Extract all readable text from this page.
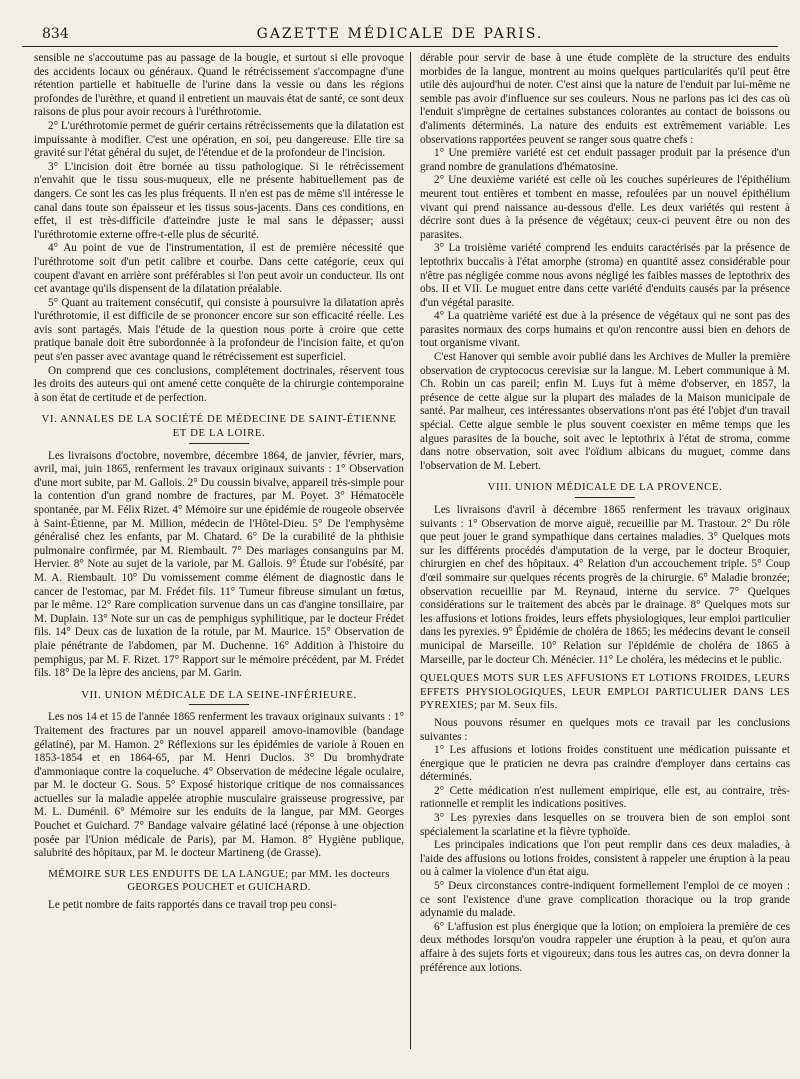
834	GAZETTE MÉDICALE DE PARIS.

sensible ne s'accoutume pas au passage de la bougie, et surtout si elle provoque des accidents locaux ou généraux. Quand le rétrécissement s'accompagne d'une rétention partielle et habituelle de l'urine dans la vessie ou dans les régions profondes de l'urèthre, et quand il entretient un mauvais état de santé, ce sont deux raisons de plus pour avoir recours à l'uréthrotomie.

2° L'uréthrotomie permet de guérir certains rétrécissements que la dilatation est impuissante à modifier. C'est une opération, en soi, peu dangereuse. Elle tire sa gravité sur l'état général du sujet, de l'étendue et de la profondeur de l'incision.

3° L'incision doit être bornée au tissu pathologique. Si le rétrécissement n'envahit que le tissu sous-muqueux, elle ne présente habituellement pas de dangers. Ce sont les cas les plus fréquents. Il n'en est pas de même s'il intéresse le canal dans toute son épaisseur et les tissus sous-jacents. Dans ces conditions, en effet, il est très-difficile d'atteindre juste le mal sans le dépasser; aussi l'uréthrotomie externe offre-t-elle plus de sécurité.

4° Au point de vue de l'instrumentation, il est de première nécessité que l'uréthrotome soit d'un petit calibre et courbe. Dans cette catégorie, ceux qui coupent d'avant en arrière sont préférables si l'on peut avoir un conducteur. Ils ont cet avantage qu'ils dispensent de la dilatation préalable.

5° Quant au traitement consécutif, qui consiste à poursuivre la dilatation après l'uréthrotomie, il est difficile de se prononcer encore sur son efficacité réelle. Les avis sont partagés. Mais l'étude de la question nous porte à croire que cette pratique banale doit être subordonnée à la profondeur de l'incision faite, et qu'on peut s'en passer avec avantage quand le rétrécissement est superficiel.

On comprend que ces conclusions, complétement doctrinales, réservent tous les droits des auteurs qui ont amené cette conquête de la chirurgie contemporaine à son état de certitude et de perfection.

VI. ANNALES DE LA SOCIÉTÉ DE MÉDECINE DE SAINT-ÉTIENNE ET DE LA LOIRE.

Les livraisons d'octobre, novembre, décembre 1864, de janvier, février, mars, avril, mai, juin 1865, renferment les travaux originaux suivants : 1° Observation d'une mort subite, par M. Gallois. 2° Du coussin bivalve, appareil très-simple pour la contention d'un grand nombre de fractures, par M. Poyet. 3° Hématocèle spontanée, par M. Félix Rizet. 4° Mémoire sur une épidémie de rougeole observée à Saint-Étienne, par M. Million, médecin de l'Hôtel-Dieu. 5° De l'emphysème généralisé chez les enfants, par M. Chatard. 6° De la curabilité de la phthisie pulmonaire confirmée, par M. Riembault. 7° Des mariages consanguins par M. Hervier. 8° Note au sujet de la variole, par M. Gallois. 9° Étude sur l'obésité, par M. A. Riembault. 10° Du vomissement comme élément de diagnostic dans le cancer de l'estomac, par M. Frédet fils. 11° Tumeur fibreuse simulant un fœtus, par le même. 12° Rare complication survenue dans un cas d'angine tonsillaire, par M. Duplain. 13° Note sur un cas de pemphigus syphilitique, par le docteur Frédet fils. 14° Deux cas de luxation de la rotule, par M. Maurice. 15° Observation de plaie pénétrante de l'abdomen, par M. Duchenne. 16° Addition à l'histoire du pemphigus, par M. F. Rizet. 17° Rapport sur le mémoire précédent, par M. Frédet fils. 18° De la lèpre des anciens, par M. Garin.

VII. UNION MÉDICALE DE LA SEINE-INFÉRIEURE.

Les nos 14 et 15 de l'année 1865 renferment les travaux originaux suivants : 1° Traitement des fractures par un nouvel appareil amovo-inamovible (bandage gélatiné), par M. Hamon. 2° Réflexions sur les épidémies de variole à Rouen en 1853-1854 et en 1864-65, par M. Henri Duclos. 3° Du bromhydrate d'ammoniaque contre la coqueluche. 4° Observation de médecine légale oculaire, par M. le docteur G. Sous. 5° Exposé historique critique de nos connaissances actuelles sur la maladie appelée atrophie musculaire graisseuse progressive, par M. L. Duménil. 6° Mémoire sur les enduits de la langue, par MM. Georges Pouchet et Guichard. 7° Bandage valvaire gélatiné lacé (réponse à une objection posée par l'Union médicale de Paris), par M. Hamon. 8° Hygiène publique, salubrité des hôpitaux, par M. le docteur Martineng (de Grasse).

MÉMOIRE SUR LES ENDUITS DE LA LANGUE; par MM. les docteurs
GEORGES POUCHET et GUICHARD.

Le petit nombre de faits rapportés dans ce travail trop peu consi-

dérable pour servir de base à une étude complète de la structure des enduits morbides de la langue, montrent au moins quelques particularités qu'il peut être utile dès aujourd'hui de noter. C'est ainsi que la nature de l'enduit par lui-même ne semble pas avoir d'influence sur ses couleurs. Nous ne parlons pas ici des cas où l'enduit s'imprègne de certaines substances colorantes au contact de boissons ou d'aliments déterminés. La nature des enduits est extrêmement variable. Les observations rapportées peuvent se ranger sous quatre chefs :

1° Une première variété est cet enduit passager produit par la présence d'un grand nombre de granulations d'hématosine.

2° Une deuxième variété est celle où les couches supérieures de l'épithélium meurent tout entières et tombent en masse, refoulées par un nouvel épithélium vivant qui prend naissance au-dessous d'elle. Les deux variétés qui restent à décrire sont dues à la présence de végétaux; ceux-ci peuvent être ou non des parasites.

3° La troisième variété comprend les enduits caractérisés par la présence de leptothrix buccalis à l'état amorphe (stroma) en quantité assez considérable pour n'être pas négligée comme nous avons négligé les faibles masses de leptothrix des obs. II et VII. Le muguet entre dans cette variété d'enduits causés par la présence d'un végétal parasite.

4° La quatrième variété est due à la présence de végétaux qui ne sont pas des parasites normaux des corps humains et qu'on rencontre aussi bien en dehors de tout organisme vivant.

C'est Hanover qui semble avoir publié dans les Archives de Muller la première observation de cryptococus cerevisiæ sur la langue. M. Lebert communique à M. Ch. Robin un cas pareil; enfin M. Luys fut à même d'observer, en 1857, la présence de cette algue sur la plupart des malades de la Maison municipale de santé. Par malheur, ces intéressantes observations n'ont pas été l'objet d'un travail spécial. Cette algue semble le plus souvent coexister en même temps que les algues parasites de la bouche, soit avec le leptothrix à l'état de stroma, comme dans notre observation, soit avec l'oïdium albicans du muguet, comme dans l'observation de M. Lebert.

VIII. UNION MÉDICALE DE LA PROVENCE.

Les livraisons d'avril à décembre 1865 renferment les travaux originaux suivants : 1° Observation de morve aiguë, recueillie par M. Trastour. 2° Du rôle que peut jouer le grand sympathique dans certaines maladies. 3° Quelques mots sur les différents procédés d'amputation de la verge, par le docteur Broquier, chirurgien en chef des hôpitaux. 4° Relation d'un accouchement triple. 5° Coup d'œil sommaire sur quelques récents progrès de la chirurgie. 6° Maladie bronzée; observation recueillie par M. Reynaud, interne du service. 7° Quelques considérations sur le traitement des abcès par le drainage. 8° Quelques mots sur les affusions et lotions froides, leurs effets physiologiques, leur emploi particulier dans les pyrexies. 9° Épidémie de choléra de 1865; les médecins devant le conseil municipal de Marseille. 10° Relation sur l'épidémie de choléra de 1865 à Marseille, par le docteur Ch. Ménécier. 11° Le choléra, les médecins et le public.

QUELQUES MOTS SUR LES AFFUSIONS ET LOTIONS FROIDES, LEURS EFFETS PHYSIOLOGIQUES, LEUR EMPLOI PARTICULIER DANS LES PYREXIES; par M. Seux fils.

Nous pouvons résumer en quelques mots ce travail par les conclusions suivantes :

1° Les affusions et lotions froides constituent une médication puissante et énergique que le praticien ne devra pas craindre d'employer dans certains cas déterminés.

2° Cette médication n'est nullement empirique, elle est, au contraire, très-rationnelle et remplit les indications positives.

3° Les pyrexies dans lesquelles on se trouvera bien de son emploi sont spécialement la scarlatine et la fièvre typhoïde.

Les principales indications que l'on peut remplir dans ces deux maladies, à l'aide des affusions ou lotions froides, consistent à rappeler une éruption à la peau ou à calmer la violence d'un état aigu.

5° Deux circonstances contre-indiquent formellement l'emploi de ce moyen : ce sont l'existence d'une grave complication thoracique ou la trop grande adynamie du malade.

6° L'affusion est plus énergique que la lotion; on emploiera la première de ces deux méthodes lorsqu'on voudra rappeler une éruption à la peau, et qu'on aura affaire à des sujets forts et vigoureux; dans tous les autres cas, on devra donner la préférence aux lotions.
